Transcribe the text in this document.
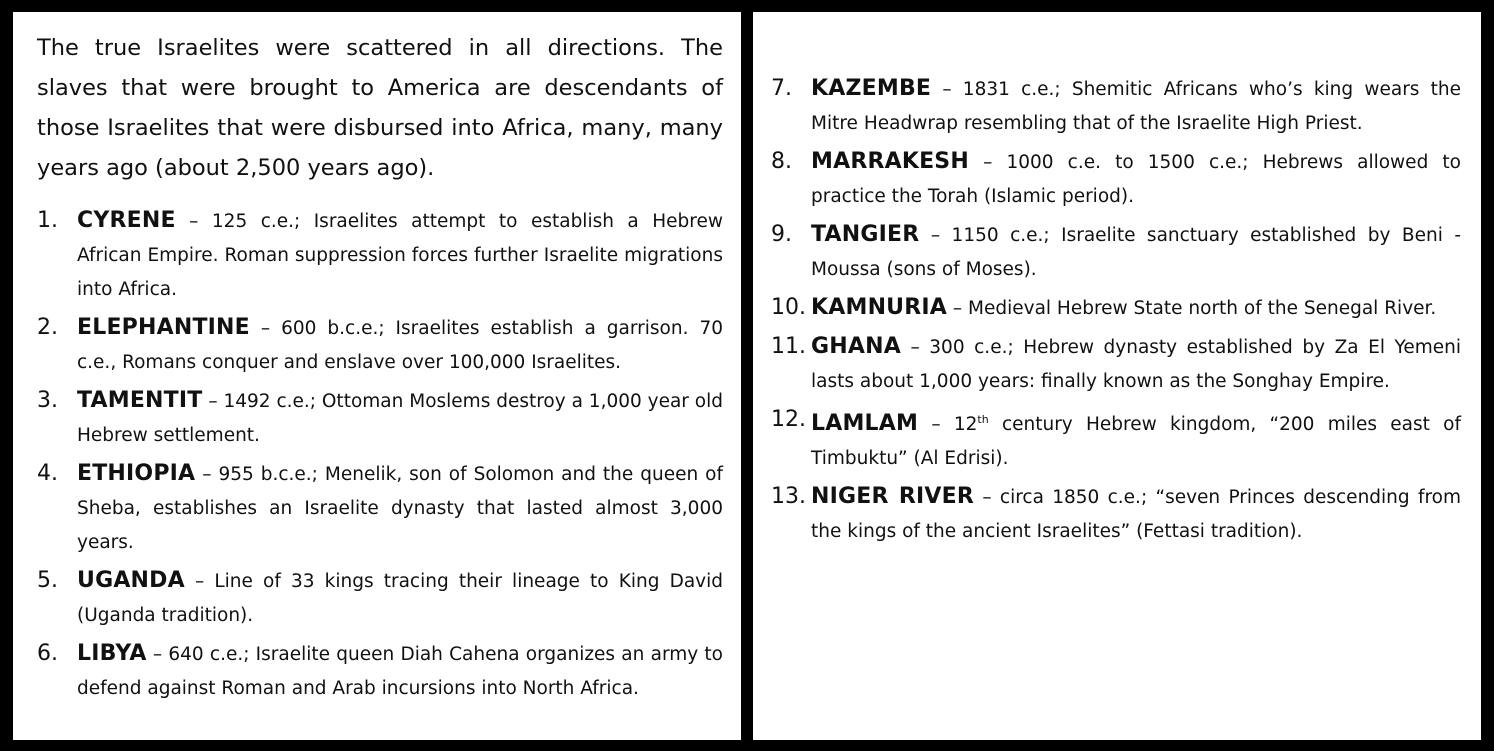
The true Israelites were scattered in all directions. The slaves that were brought to America are descendants of those Israelites that were disbursed into Africa, many, many years ago (about 2,500 years ago).

1. CYRENE – 125 c.e.; Israelites attempt to establish a Hebrew African Empire. Roman suppression forces further Israelite migrations into Africa.
2. ELEPHANTINE – 600 b.c.e.; Israelites establish a garrison. 70 c.e., Romans conquer and enslave over 100,000 Israelites.
3. TAMENTIT – 1492 c.e.; Ottoman Moslems destroy a 1,000 year old Hebrew settlement.
4. ETHIOPIA – 955 b.c.e.; Menelik, son of Solomon and the queen of Sheba, establishes an Israelite dynasty that lasted almost 3,000 years.
5. UGANDA – Line of 33 kings tracing their lineage to King David (Uganda tradition).
6. LIBYA – 640 c.e.; Israelite queen Diah Cahena organizes an army to defend against Roman and Arab incursions into North Africa.
7. KAZEMBE – 1831 c.e.; Shemitic Africans who’s king wears the Mitre Headwrap resembling that of the Israelite High Priest.
8. MARRAKESH – 1000 c.e. to 1500 c.e.; Hebrews allowed to practice the Torah (Islamic period).
9. TANGIER – 1150 c.e.; Israelite sanctuary established by Beni -Moussa (sons of Moses).
10. KAMNURIA – Medieval Hebrew State north of the Senegal River.
11. GHANA – 300 c.e.; Hebrew dynasty established by Za El Yemeni lasts about 1,000 years: finally known as the Songhay Empire.
12. LAMLAM – 12th century Hebrew kingdom, “200 miles east of Timbuktu” (Al Edrisi).
13. NIGER RIVER – circa 1850 c.e.; “seven Princes descending from the kings of the ancient Israelites” (Fettasi tradition).
